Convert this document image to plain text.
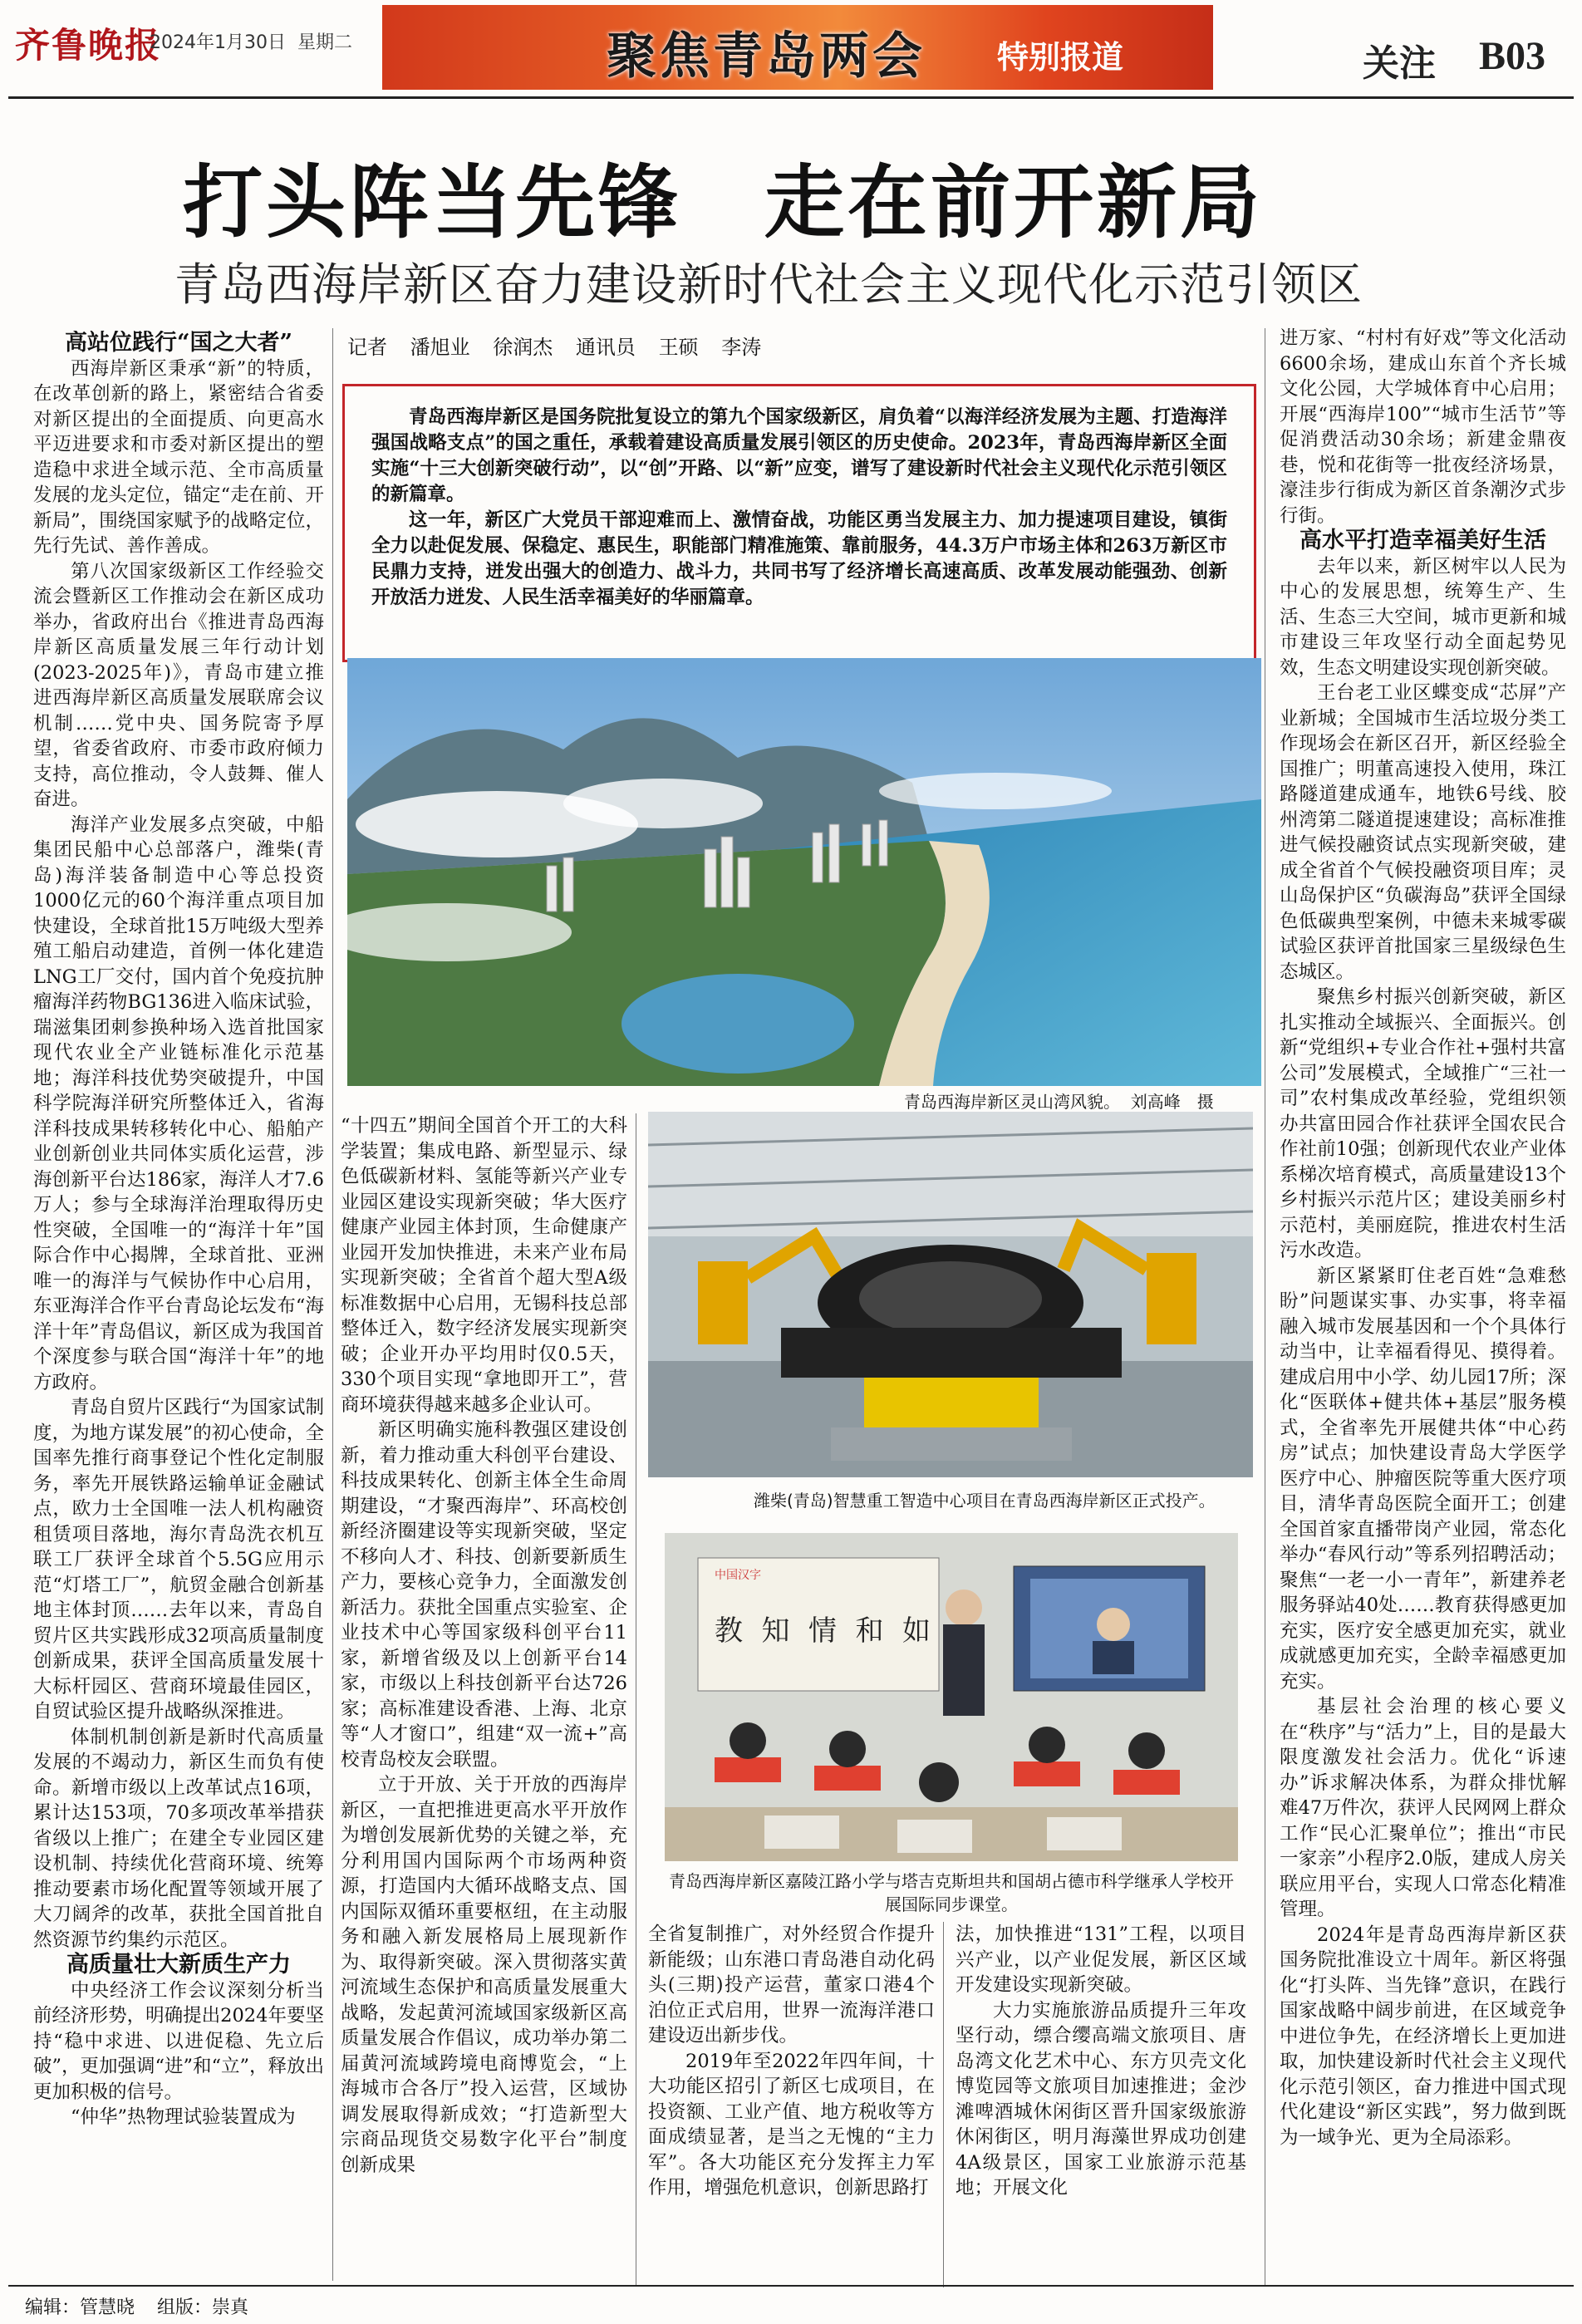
齐鲁晚报
2024年1月30日 星期二	聚焦青岛两会 特别报道	关注 B03
打头阵当先锋　走在前开新局
青岛西海岸新区奋力建设新时代社会主义现代化示范引领区

高站位践行“国之大者”

西海岸新区秉承“新”的特质，在改革创新的路上，紧密结合省委对新区提出的全面提质、向更高水平迈进要求和市委对新区提出的塑造稳中求进全域示范、全市高质量发展的龙头定位，锚定“走在前、开新局”，围绕国家赋予的战略定位，先行先试、善作善成。

第八次国家级新区工作经验交流会暨新区工作推动会在新区成功举办，省政府出台《推进青岛西海岸新区高质量发展三年行动计划(2023-2025年)》，青岛市建立推进西海岸新区高质量发展联席会议机制……党中央、国务院寄予厚望，省委省政府、市委市政府倾力支持，高位推动，令人鼓舞、催人奋进。

海洋产业发展多点突破，中船集团民船中心总部落户，潍柴(青岛)海洋装备制造中心等总投资1000亿元的60个海洋重点项目加快建设，全球首批15万吨级大型养殖工船启动建造，首例一体化建造LNG工厂交付，国内首个免疫抗肿瘤海洋药物BG136进入临床试验，瑞滋集团刺参换种场入选首批国家现代农业全产业链标准化示范基地；海洋科技优势突破提升，中国科学院海洋研究所整体迁入，省海洋科技成果转移转化中心、船舶产业创新创业共同体实质化运营，涉海创新平台达186家，海洋人才7.6万人；参与全球海洋治理取得历史性突破，全国唯一的“海洋十年”国际合作中心揭牌，全球首批、亚洲唯一的海洋与气候协作中心启用，东亚海洋合作平台青岛论坛发布“海洋十年”青岛倡议，新区成为我国首个深度参与联合国“海洋十年”的地方政府。

青岛自贸片区践行“为国家试制度，为地方谋发展”的初心使命，全国率先推行商事登记个性化定制服务，率先开展铁路运输单证金融试点，欧力士全国唯一法人机构融资租赁项目落地，海尔青岛洗衣机互联工厂获评全球首个5.5G应用示范“灯塔工厂”，航贸金融合创新基地主体封顶……去年以来，青岛自贸片区共实践形成32项高质量制度创新成果，获评全国高质量发展十大标杆园区、营商环境最佳园区，自贸试验区提升战略纵深推进。

体制机制创新是新时代高质量发展的不竭动力，新区生而负有使命。新增市级以上改革试点16项，累计达153项，70多项改革举措获省级以上推广；在建全专业园区建设机制、持续优化营商环境、统筹推动要素市场化配置等领域开展了大刀阔斧的改革，获批全国首批自然资源节约集约示范区。

高质量壮大新质生产力

中央经济工作会议深刻分析当前经济形势，明确提出2024年要坚持“稳中求进、以进促稳、先立后破”，更加强调“进”和“立”，释放出更加积极的信号。

“仲华”热物理试验装置成为

记者 潘旭业 徐润杰 通讯员 王硕 李涛

青岛西海岸新区是国务院批复设立的第九个国家级新区，肩负着“以海洋经济发展为主题、打造海洋强国战略支点”的国之重任，承载着建设高质量发展引领区的历史使命。2023年，青岛西海岸新区全面实施“十三大创新突破行动”，以“创”开路、以“新”应变，谱写了建设新时代社会主义现代化示范引领区的新篇章。

这一年，新区广大党员干部迎难而上、激情奋战，功能区勇当发展主力、加力提速项目建设，镇街全力以赴促发展、保稳定、惠民生，职能部门精准施策、靠前服务，44.3万户市场主体和263万新区市民鼎力支持，迸发出强大的创造力、战斗力，共同书写了经济增长高速高质、改革发展动能强劲、创新开放活力迸发、人民生活幸福美好的华丽篇章。

青岛西海岸新区灵山湾风貌。 刘高峰　摄

“十四五”期间全国首个开工的大科学装置；集成电路、新型显示、绿色低碳新材料、氢能等新兴产业专业园区建设实现新突破；华大医疗健康产业园主体封顶，生命健康产业园开发加快推进，未来产业布局实现新突破；全省首个超大型A级标准数据中心启用，无锡科技总部整体迁入，数字经济发展实现新突破；企业开办平均用时仅0.5天，330个项目实现“拿地即开工”，营商环境获得越来越多企业认可。

新区明确实施科教强区建设创新，着力推动重大科创平台建设、科技成果转化、创新主体全生命周期建设，“才聚西海岸”、环高校创新经济圈建设等实现新突破，坚定不移向人才、科技、创新要新质生产力，要核心竞争力，全面激发创新活力。获批全国重点实验室、企业技术中心等国家级科创平台11家，新增省级及以上创新平台14家，市级以上科技创新平台达726家；高标准建设香港、上海、北京等“人才窗口”，组建“双一流+”高校青岛校友会联盟。

立于开放、关于开放的西海岸新区，一直把推进更高水平开放作为增创发展新优势的关键之举，充分利用国内国际两个市场两种资源，打造国内大循环战略支点、国内国际双循环重要枢纽，在主动服务和融入新发展格局上展现新作为、取得新突破。深入贯彻落实黄河流域生态保护和高质量发展重大战略，发起黄河流域国家级新区高质量发展合作倡议，成功举办第二届黄河流域跨境电商博览会，“上海城市合各厅”投入运营，区域协调发展取得新成效；“打造新型大宗商品现货交易数字化平台”制度创新成果

潍柴(青岛)智慧重工智造中心项目在青岛西海岸新区正式投产。
中国汉字
教 知 情 和 如
青岛西海岸新区嘉陵江路小学与塔吉克斯坦共和国胡占德市科学继承人学校开展国际同步课堂。

全省复制推广，对外经贸合作提升新能级；山东港口青岛港自动化码头(三期)投产运营，董家口港4个泊位正式启用，世界一流海洋港口建设迈出新步伐。

2019年至2022年四年间，十大功能区招引了新区七成项目，在投资额、工业产值、地方税收等方面成绩显著，是当之无愧的“主力军”。各大功能区充分发挥主力军作用，增强危机意识，创新思路打

法，加快推进“131”工程，以项目兴产业，以产业促发展，新区区域开发建设实现新突破。

大力实施旅游品质提升三年攻坚行动，缥合缨高端文旅项目、唐岛湾文化艺术中心、东方贝壳文化博览园等文旅项目加速推进；金沙滩啤酒城休闲街区晋升国家级旅游休闲街区，明月海藻世界成功创建4A级景区，国家工业旅游示范基地；开展文化

进万家、“村村有好戏”等文化活动6600余场，建成山东首个齐长城文化公园，大学城体育中心启用；开展“西海岸100”“城市生活节”等促消费活动30余场；新建金鼎夜巷，悦和花街等一批夜经济场景，濠洼步行街成为新区首条潮汐式步行街。

高水平打造幸福美好生活

去年以来，新区树牢以人民为中心的发展思想，统筹生产、生活、生态三大空间，城市更新和城市建设三年攻坚行动全面起势见效，生态文明建设实现创新突破。

王台老工业区蝶变成“芯屏”产业新城；全国城市生活垃圾分类工作现场会在新区召开，新区经验全国推广；明董高速投入使用，珠江路隧道建成通车，地铁6号线、胶州湾第二隧道提速建设；高标准推进气候投融资试点实现新突破，建成全省首个气候投融资项目库；灵山岛保护区“负碳海岛”获评全国绿色低碳典型案例，中德未来城零碳试验区获评首批国家三星级绿色生态城区。

聚焦乡村振兴创新突破，新区扎实推动全域振兴、全面振兴。创新“党组织+专业合作社+强村共富公司”发展模式，全域推广“三社一司”农村集成改革经验，党组织领办共富田园合作社获评全国农民合作社前10强；创新现代农业产业体系梯次培育模式，高质量建设13个乡村振兴示范片区；建设美丽乡村示范村，美丽庭院，推进农村生活污水改造。

新区紧紧盯住老百姓“急难愁盼”问题谋实事、办实事，将幸福融入城市发展基因和一个个具体行动当中，让幸福看得见、摸得着。建成启用中小学、幼儿园17所；深化“医联体+健共体+基层”服务模式，全省率先开展健共体“中心药房”试点；加快建设青岛大学医学医疗中心、肿瘤医院等重大医疗项目，清华青岛医院全面开工；创建全国首家直播带岗产业园，常态化举办“春风行动”等系列招聘活动；聚焦“一老一小一青年”，新建养老服务驿站40处……教育获得感更加充实，医疗安全感更加充实，就业成就感更加充实，全龄幸福感更加充实。

基层社会治理的核心要义在“秩序”与“活力”上，目的是最大限度激发社会活力。优化“诉速办”诉求解决体系，为群众排忧解难47万件次，获评人民网网上群众工作“民心汇聚单位”；推出“市民一家亲”小程序2.0版，建成人房关联应用平台，实现人口常态化精准管理。

2024年是青岛西海岸新区获国务院批准设立十周年。新区将强化“打头阵、当先锋”意识，在践行国家战略中阔步前进，在区域竞争中进位争先，在经济增长上更加进取，加快建设新时代社会主义现代化示范引领区，奋力推进中国式现代化建设“新区实践”，努力做到既为一域争光、更为全局添彩。

编辑：管慧晓 组版：崇真
